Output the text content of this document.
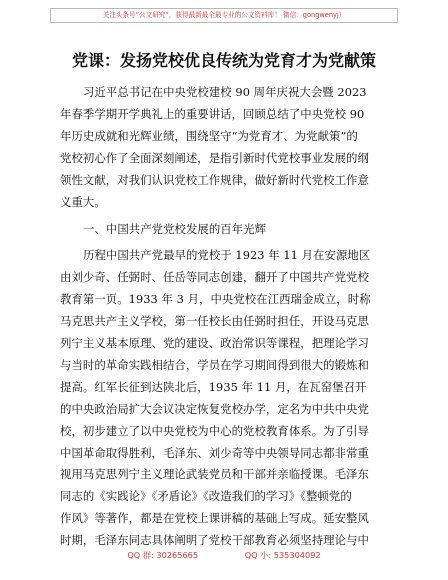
关注头条号“公文研究”，获得最新最全最专业的公文资料库！ 微信：gongwenyj）
党课：发扬党校优良传统为党育才为党献策
习近平总书记在中央党校建校 90 周年庆祝大会暨 2023
年春季学期开学典礼上的重要讲话，回顾总结了中央党校 90
年历史成就和光辉业绩，围绕坚守“为党育才、为党献策”的
党校初心作了全面深刻阐述，是指引新时代党校事业发展的纲
领性文献，对我们认识党校工作规律，做好新时代党校工作意
义重大。
一、中国共产党党校发展的百年光辉
历程中国共产党最早的党校于 1923 年 11 月在安源地区
由刘少奇、任弼时、任岳等同志创建，翻开了中国共产党党校
教育第一页。1933 年 3 月，中央党校在江西瑞金成立，时称
马克思共产主义学校，第一任校长由任弼时担任，开设马克思
列宁主义基本原理、党的建设、政治常识等课程，把理论学习
与当时的革命实践相结合，学员在学习期间得到很大的锻炼和
提高。红军长征到达陕北后，1935 年 11 月，在瓦窑堡召开
的中央政治局扩大会议决定恢复党校办学，定名为中共中央党
校，初步建立了以中央党校为中心的党校教育体系。为了引导
中国革命取得胜利，毛泽东、刘少奇等中央领导同志都非常重
视用马克思列宁主义理论武装党员和干部并亲临授课。毛泽东
同志的《实践论》《矛盾论》《改造我们的学习》《整顿党的
作风》等著作，都是在党校上课讲稿的基础上写成。延安整风
时期，毛泽东同志具体阐明了党校干部教育必须坚持理论与中
QQ 群: 30265665	QQ 小: 535304092
